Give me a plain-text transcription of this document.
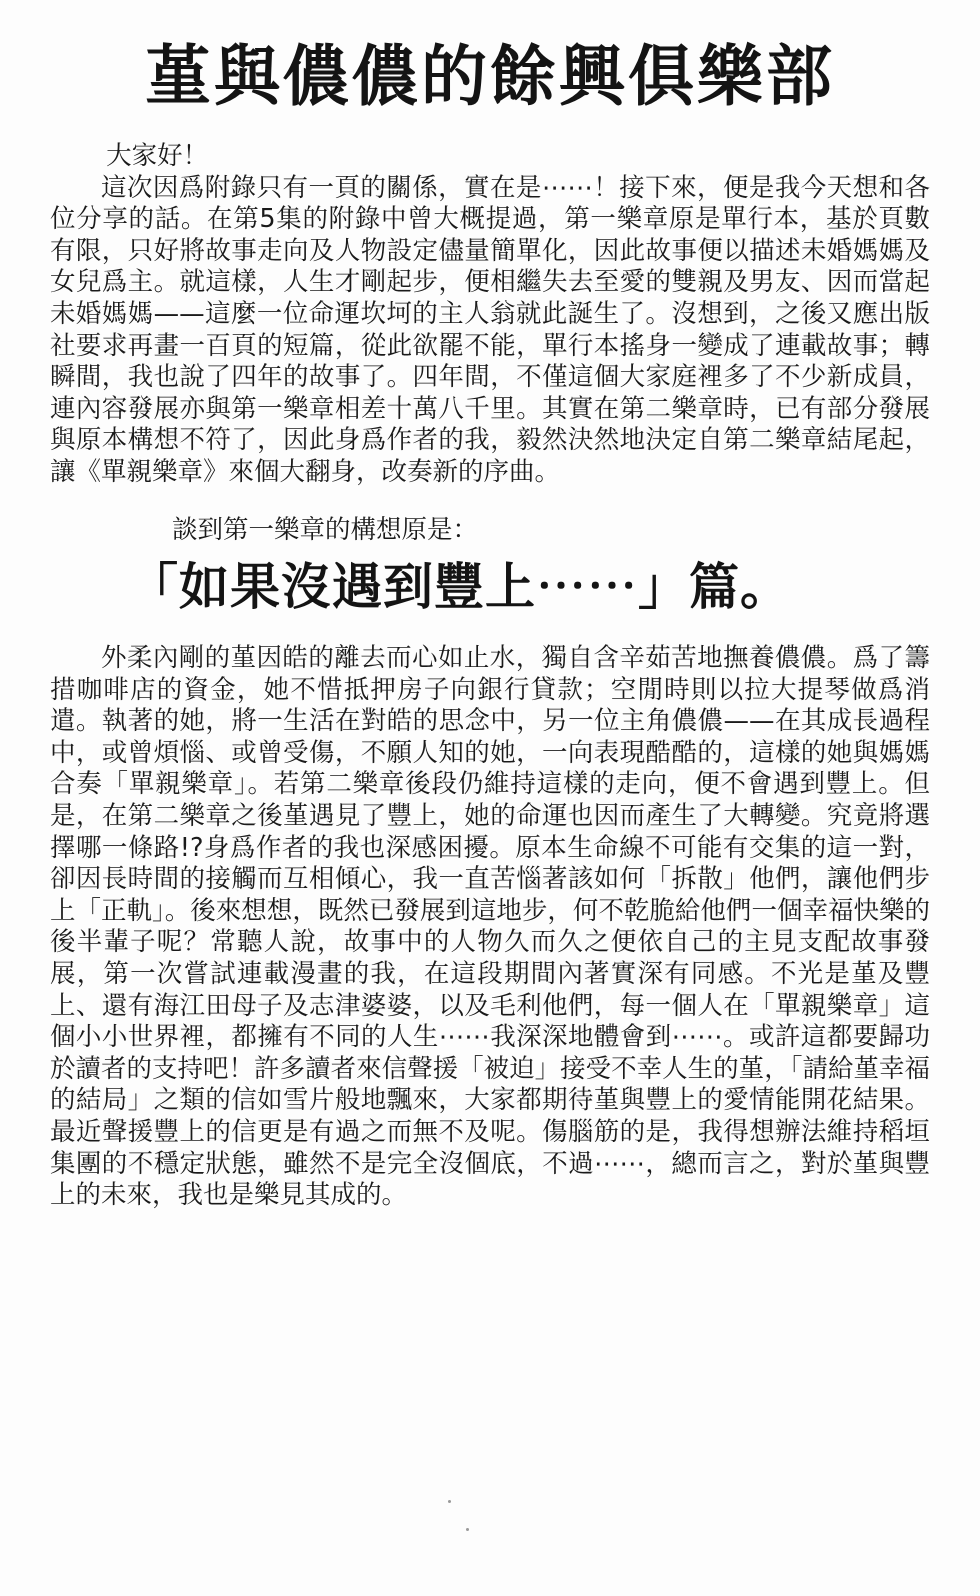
堇與儂儂的餘興俱樂部

大家好！

這次因爲附錄只有一頁的關係，實在是⋯⋯！接下來，便是我今天想和各位分享的話。在第5集的附錄中曾大概提過，第一樂章原是單行本，基於頁數有限，只好將故事走向及人物設定儘量簡單化，因此故事便以描述未婚媽媽及女兒爲主。就這樣，人生才剛起步，便相繼失去至愛的雙親及男友、因而當起未婚媽媽——這麼一位命運坎坷的主人翁就此誕生了。沒想到，之後又應出版社要求再畫一百頁的短篇，從此欲罷不能，單行本搖身一變成了連載故事；轉瞬間，我也說了四年的故事了。四年間，不僅這個大家庭裡多了不少新成員，連內容發展亦與第一樂章相差十萬八千里。其實在第二樂章時，已有部分發展與原本構想不符了，因此身爲作者的我，毅然決然地決定自第二樂章結尾起，讓《單親樂章》來個大翻身，改奏新的序曲。

談到第一樂章的構想原是：
「如果沒遇到豐上⋯⋯」篇。

外柔內剛的堇因皓的離去而心如止水，獨自含辛茹苦地撫養儂儂。爲了籌措咖啡店的資金，她不惜抵押房子向銀行貸款；空閒時則以拉大提琴做爲消遣。執著的她，將一生活在對皓的思念中，另一位主角儂儂——在其成長過程中，或曾煩惱、或曾受傷，不願人知的她，一向表現酷酷的，這樣的她與媽媽合奏「單親樂章」。若第二樂章後段仍維持這樣的走向，便不會遇到豐上。但是，在第二樂章之後堇遇見了豐上，她的命運也因而產生了大轉變。究竟將選擇哪一條路!?身爲作者的我也深感困擾。原本生命線不可能有交集的這一對，卻因長時間的接觸而互相傾心，我一直苦惱著該如何「拆散」他們，讓他們步上「正軌」。後來想想，既然已發展到這地步，何不乾脆給他們一個幸福快樂的後半輩子呢？常聽人說，故事中的人物久而久之便依自己的主見支配故事發展，第一次嘗試連載漫畫的我，在這段期間內著實深有同感。不光是堇及豐上、還有海江田母子及志津婆婆，以及毛利他們，每一個人在「單親樂章」這個小小世界裡，都擁有不同的人生⋯⋯我深深地體會到⋯⋯。或許這都要歸功於讀者的支持吧！許多讀者來信聲援「被迫」接受不幸人生的堇，「請給堇幸福的結局」之類的信如雪片般地飄來，大家都期待堇與豐上的愛情能開花結果。最近聲援豐上的信更是有過之而無不及呢。傷腦筋的是，我得想辦法維持稻垣集團的不穩定狀態，雖然不是完全沒個底，不過⋯⋯，總而言之，對於堇與豐上的未來，我也是樂見其成的。
